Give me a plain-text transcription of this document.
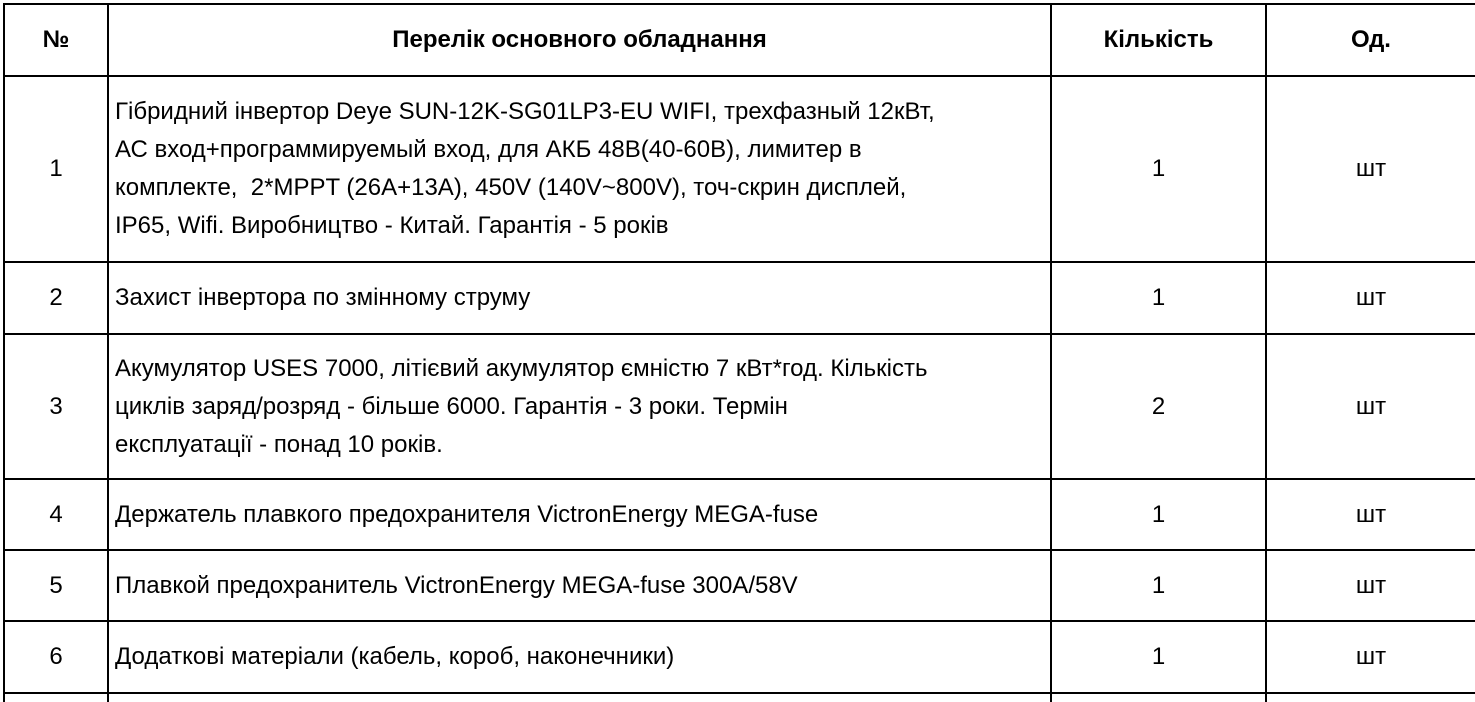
№	Перелік основного обладнання	Кількість	Од.
1	Гібридний інвертор Deye SUN-12K-SG01LP3-EU WIFI, трехфазный 12кВт,
АС вход+программируемый вход, для АКБ 48В(40-60В), лимитер в
комплекте,  2*MPPT (26A+13A), 450V (140V~800V), точ-скрин дисплей,
IP65, Wifi. Виробництво - Китай. Гарантія - 5 років	1	шт
2	Захист інвертора по змінному струму	1	шт
3	Акумулятор USES 7000, літієвий акумулятор ємністю 7 кВт*год. Кількість
циклів заряд/розряд - більше 6000. Гарантія - 3 роки. Термін
експлуатації - понад 10 років.	2	шт
4	Держатель плавкого предохранителя VictronEnergy MEGA-fuse	1	шт
5	Плавкой предохранитель VictronEnergy MEGA-fuse 300A/58V	1	шт
6	Додаткові матеріали (кабель, короб, наконечники)	1	шт
